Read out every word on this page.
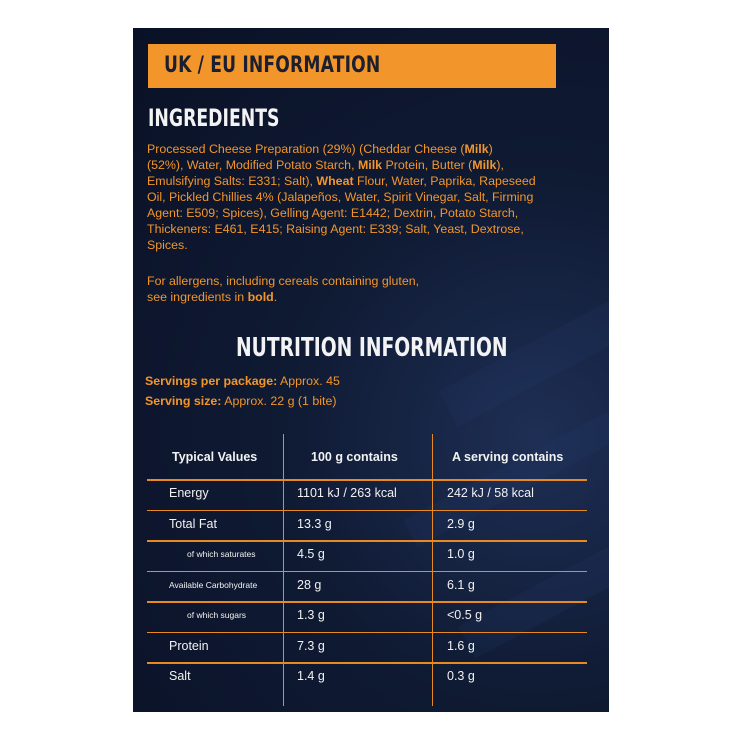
UK / EU INFORMATION
INGREDIENTS
Processed Cheese Preparation (29%) (Cheddar Cheese (Milk)
(52%), Water, Modified Potato Starch, Milk Protein, Butter (Milk),
Emulsifying Salts: E331; Salt), Wheat Flour, Water, Paprika, Rapeseed
Oil, Pickled Chillies 4% (Jalapeños, Water, Spirit Vinegar, Salt, Firming
Agent: E509; Spices), Gelling Agent: E1442; Dextrin, Potato Starch,
Thickeners: E461, E415; Raising Agent: E339; Salt, Yeast, Dextrose,
Spices.
For allergens, including cereals containing gluten,
see ingredients in bold.
NUTRITION INFORMATION
Servings per package: Approx. 45
Serving size: Approx. 22 g (1 bite)
Typical Values	100 g contains	A serving contains
Energy	1101 kJ / 263 kcal	242 kJ / 58 kcal
Total Fat	13.3 g	2.9 g
of which saturates	4.5 g	1.0 g
Available Carbohydrate	28 g	6.1 g
of which sugars	1.3 g	<0.5 g
Protein	7.3 g	1.6 g
Salt	1.4 g	0.3 g
